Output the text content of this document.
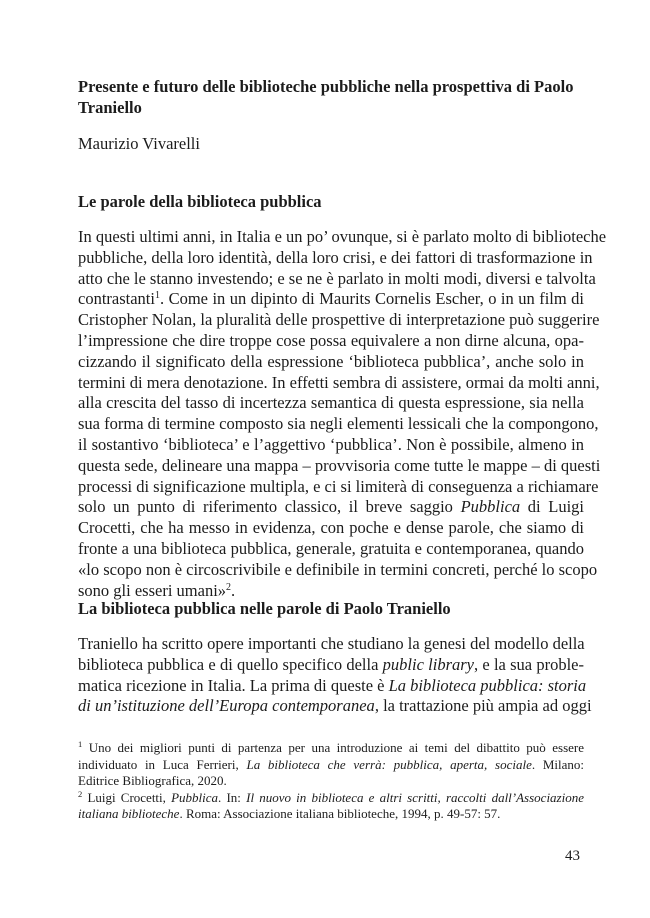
Presente e futuro delle biblioteche pubbliche nella prospettiva di Paolo
Traniello

Maurizio Vivarelli

Le parole della biblioteca pubblica

In questi ultimi anni, in Italia e un po’ ovunque, si è parlato molto di biblioteche
pubbliche, della loro identità, della loro crisi, e dei fattori di trasformazione in
atto che le stanno investendo; e se ne è parlato in molti modi, diversi e talvolta
contrastanti$^1$. Come in un dipinto di Maurits Cornelis Escher, o in un film di
Cristopher Nolan, la pluralità delle prospettive di interpretazione può suggerire
l’impressione che dire troppe cose possa equivalere a non dirne alcuna, opa-
cizzando il significato della espressione ‘biblioteca pubblica’, anche solo in
termini di mera denotazione. In effetti sembra di assistere, ormai da molti anni,
alla crescita del tasso di incertezza semantica di questa espressione, sia nella
sua forma di termine composto sia negli elementi lessicali che la compongono,
il sostantivo ‘biblioteca’ e l’aggettivo ‘pubblica’. Non è possibile, almeno in
questa sede, delineare una mappa – provvisoria come tutte le mappe – di questi
processi di significazione multipla, e ci si limiterà di conseguenza a richiamare
solo un punto di riferimento classico, il breve saggio Pubblica di Luigi
Crocetti, che ha messo in evidenza, con poche e dense parole, che siamo di
fronte a una biblioteca pubblica, generale, gratuita e contemporanea, quando
«lo scopo non è circoscrivibile e definibile in termini concreti, perché lo scopo
sono gli esseri umani»$^2$.

La biblioteca pubblica nelle parole di Paolo Traniello

Traniello ha scritto opere importanti che studiano la genesi del modello della
biblioteca pubblica e di quello specifico della public library, e la sua proble-
matica ricezione in Italia. La prima di queste è La biblioteca pubblica: storia
di un’istituzione dell’Europa contemporanea, la trattazione più ampia ad oggi

$^1$ Uno dei migliori punti di partenza per una introduzione ai temi del dibattito può essere
individuato in Luca Ferrieri, La biblioteca che verrà: pubblica, aperta, sociale. Milano:
Editrice Bibliografica, 2020.

$^2$ Luigi Crocetti, Pubblica. In: Il nuovo in biblioteca e altri scritti, raccolti dall’Associazione
italiana biblioteche. Roma: Associazione italiana biblioteche, 1994, p. 49-57: 57.

43
